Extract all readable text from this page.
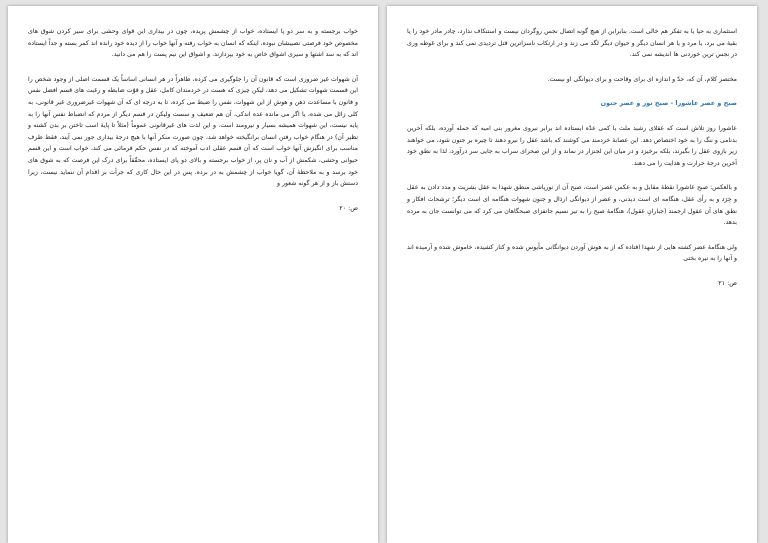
خواب برجسته و به سر دو پا ایستاده، خواب از چشمش پریده، چون در بیداری این قوای وحشی برای سیر کردن شوق های مخصوص خود فرصتی نصیبشان نبوده، اینکه که انسان به خواب رفته و آنها خواب را از دیده خود رانده اند کمر بسته و جداً ایستاده اند که به سد اشتها و سیری اشواق خاص به خود بپردازند. و اشواق این نیم پست را هم می دانید.

آن شهوات غیر ضروری است که قانون آن را جلوگیری می کرده، ظاهراً در هر انسانی اساساً یک قسمت اصلی از وجود شخص را این قسمت شهوات تشکیل می دهد، لیکن چیزی که هست در خردمندان کامل، عقل و قوّت ضابطه و رغبت های قسم افضل نفس و قانون با مساعدت ذهن و هوش از این شهوات، نفس را ضبط می کرده، تا به درجه ای که آن شهوات غیرضروری غیر قانونی، به کلی زائل می شده، یا اگر می مانده عده اندکی، آن هم ضعیف و سست ولیکن در قسم دیگر از مردم که انضباط نفس آنها را به پایه نیست، این شهوات همیشه بسیار و نیرومند است. و این لذت های غیرقانونی عموماً (مثلاً تا پایۀ اسب تاختن بر بدن کشته و نظیر آن) در هنگام خواب رفتن انسان برانگیخته خواهد شد، چون صورت منکر آنها با هیچ درجۀ بیداری جور نمی آیند، فقط طرف مناسب برای انگیزش آنها خواب است که آن قسم عقلی ادب آموخته که در نفس حکم فرمائی می کند، خواب است و این قسم حیوانی وحشی، شکمش از آب و نان پر، از خواب برجسته و بالای دو پای ایستاده، محقّقاً برای درک این فرصت که به شوق های خود برسد و به ملاحظۀ آن، گویا خواب از چشمش به در برده. پس در این حال کاری که جرأت بر اقدام آن ننماید نیست، زیرا دستش باز و از هر گونه شعور و

ص: ۲۰

استثماری به حیا یا به تفکر هم خالی است. بنابراین از هیچ گونه اتصال نجس روگردان نیست و استنکاف ندارد، چادر مادر خود را یا بقیۀ می برد، یا مرد و یا هر انسان دیگر و حیوان دیگر لگد می زند و در ارتکاب ناسزاترین قتل تردیدی نمی کند و برای غوطه وری در نجس ترین خوردنی ها اندیشه نمی کند.

مختصر کلام، آن که، حدّ و اندازه ای برای وقاحت و برای دیوانگی او نیست.

صبح و عصر عاشورا - صبح نور و عصر جنون

عاشورا روز تلاش است که عقلای رشید ملت با کمی عدّه ایستاده اند برابر نیروی مغرور بنی امیه که حمله آورده، بلکه آخرین بدنامی و ننگ را به خود اختصاص دهد. این عصابۀ خردمند می کوشند که باشد عقل را نیرو دهند تا چیره بر جنون شود، می خواهند زیر بازوی عقل را بگیرند، بلکه برخیزد و در میان این لجنزار در نماند و از این صحرای سراب به جایی سر درآورد، لذا به نطق خود آخرین درجۀ حرارت و هدایت را می دهند.

و بالعکس: صبح عاشورا نقطۀ مقابل و به عکس عصر است، صبح آن از نورپاشی منطق شهدا به عقل بشریت و مدد دادن به عقل و خِرَد و به رأی عقل، هنگامه ای است دیدنی، و عصر از دیوانگی ارذال و جنون شهوات هنگامه ای است دیگر؛ ترشحات افکار و نطق های آن عقول ارجمند (جبارانِ عقول)، هنگامۀ صبح را به تیر نسیم جانفزای صبحگاهان می کرد که می توانست جان به مرده بدهد.

ولی هنگامۀ عصر کشته هایی از شهدا افتاده که از به هوش آوردن دیوانگانی مأیوس شده و کنار کشیده، خاموش شده و آرمیده اند و آنها را به تیره بختی

ص: ۲۱
